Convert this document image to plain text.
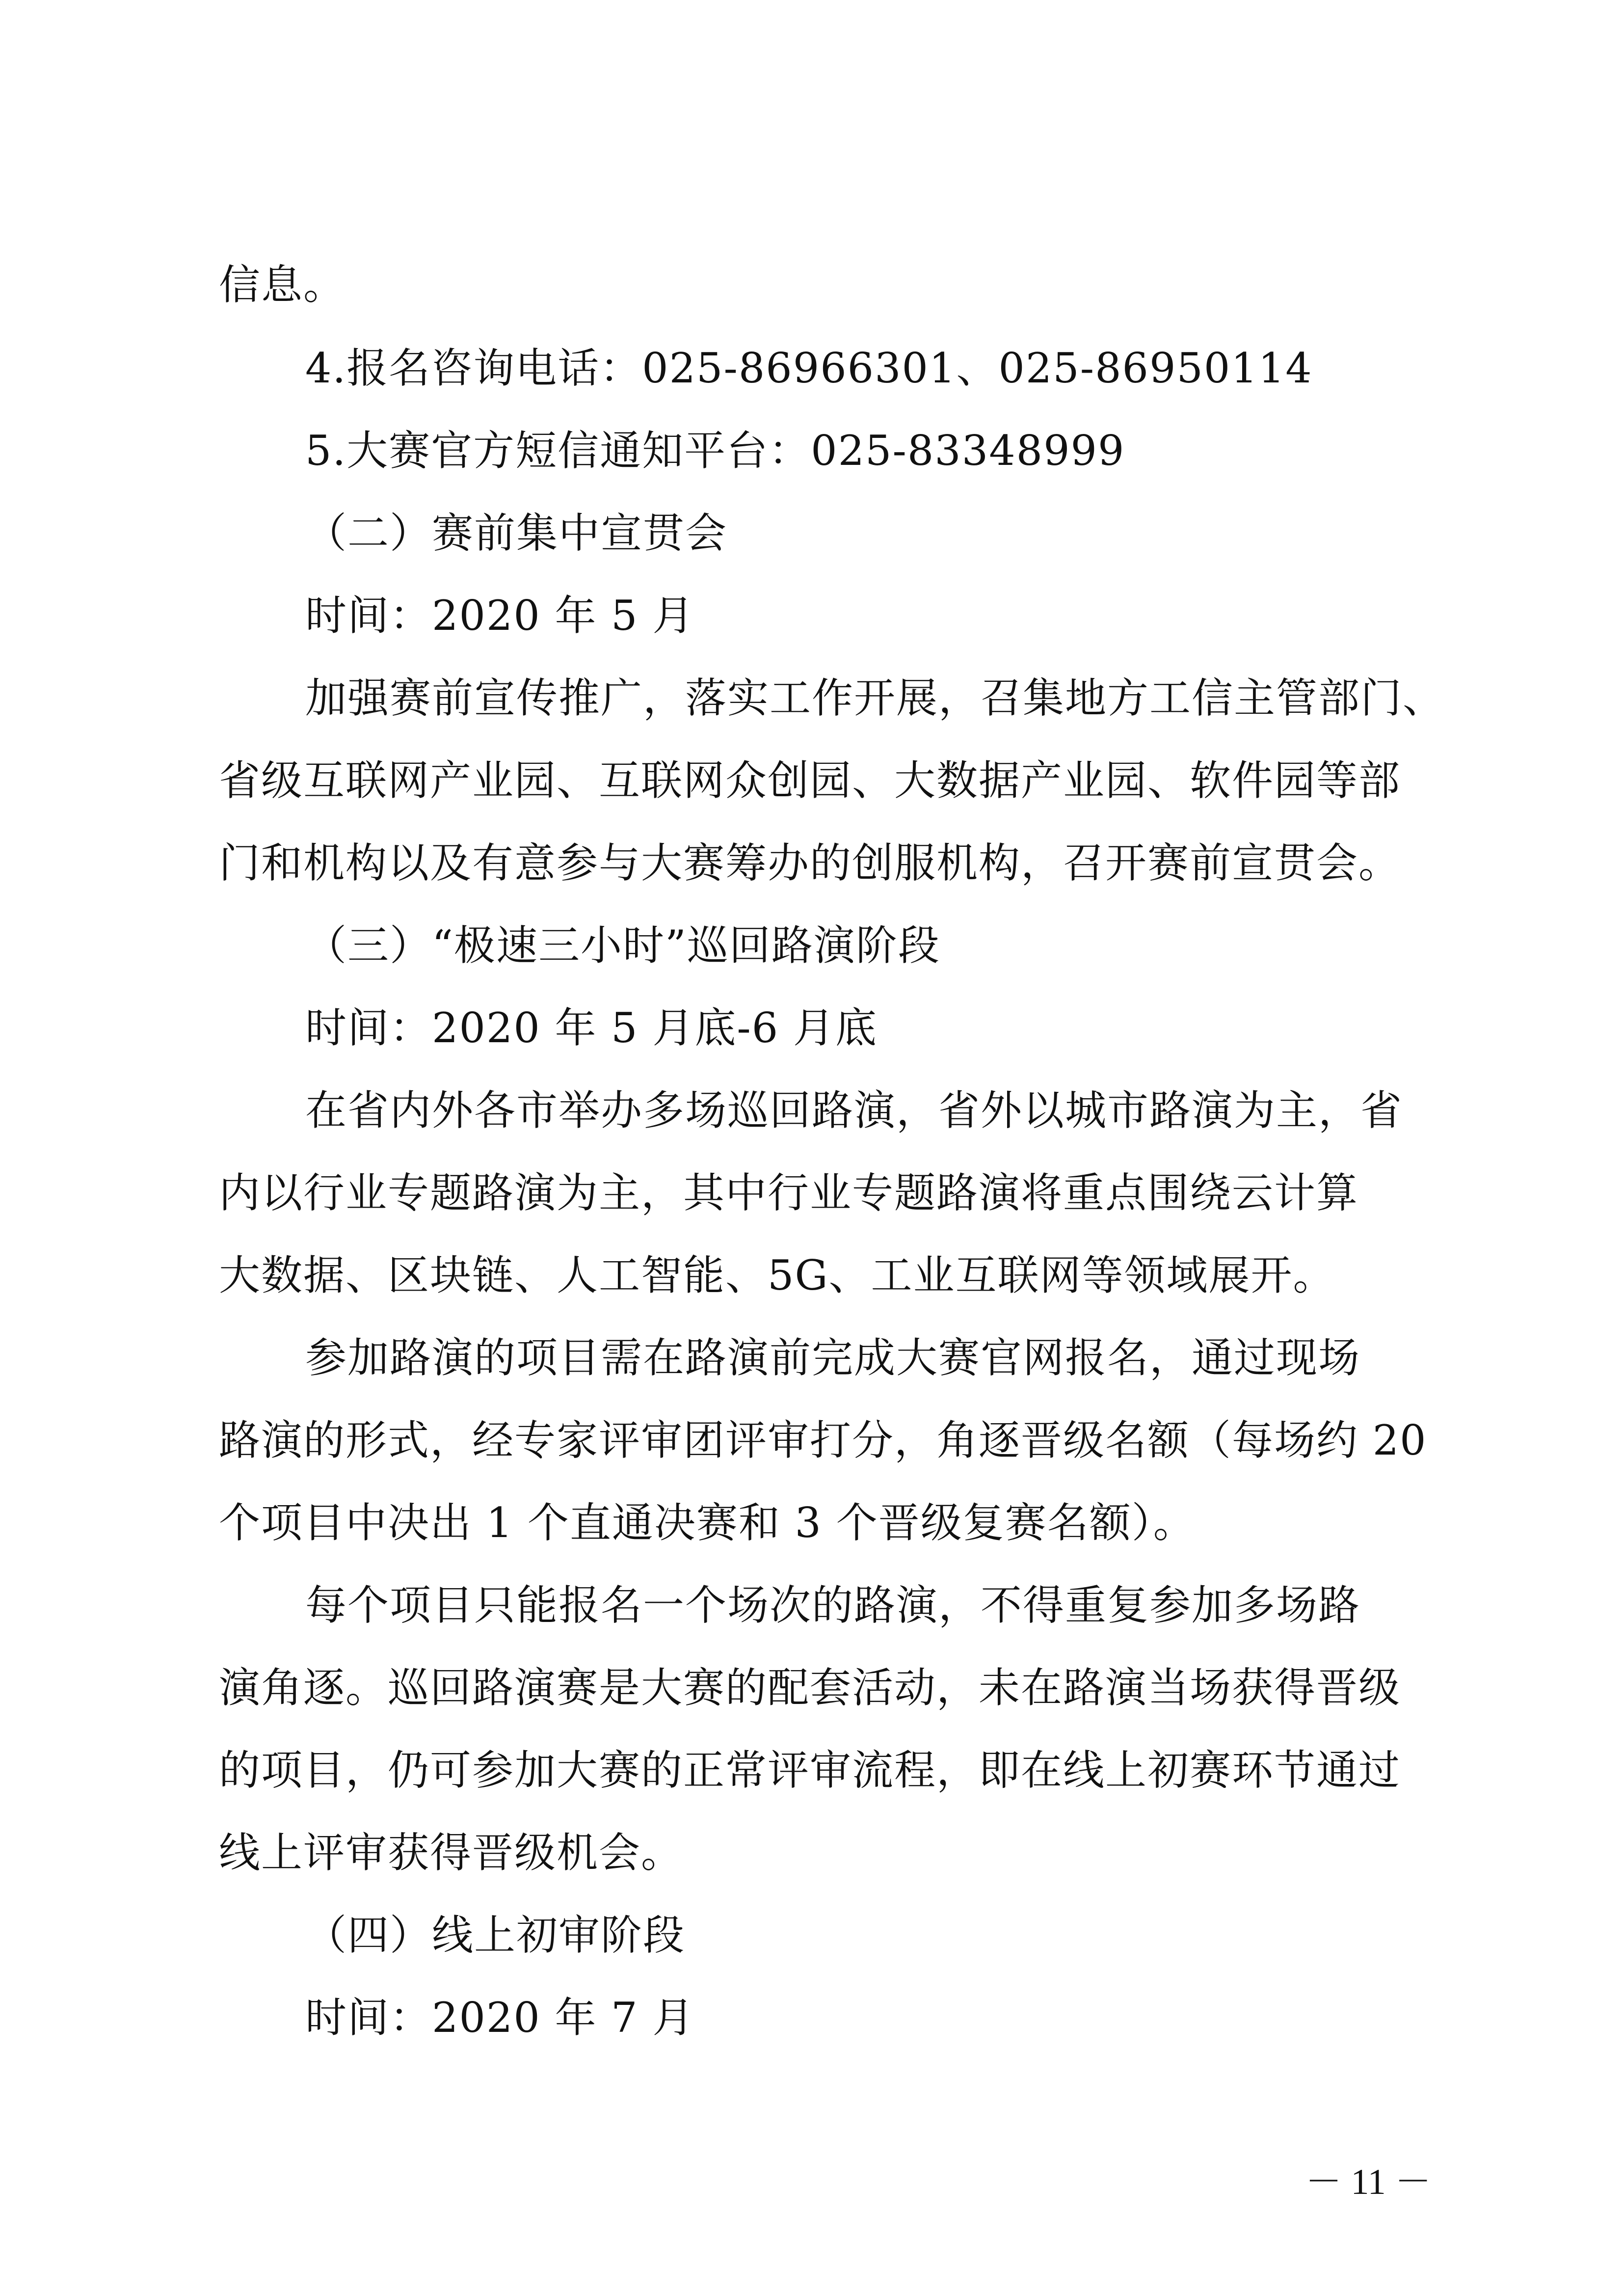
信息。
4.报名咨询电话：025-86966301、025-86950114
5.大赛官方短信通知平台：025-83348999
（二）赛前集中宣贯会
时间：2020 年 5 月
加强赛前宣传推广，落实工作开展，召集地方工信主管部门、
省级互联网产业园、互联网众创园、大数据产业园、软件园等部
门和机构以及有意参与大赛筹办的创服机构，召开赛前宣贯会。
（三）“极速三小时”巡回路演阶段
时间：2020 年 5 月底-6 月底
在省内外各市举办多场巡回路演，省外以城市路演为主，省
内以行业专题路演为主，其中行业专题路演将重点围绕云计算
大数据、区块链、人工智能、5G、工业互联网等领域展开。
参加路演的项目需在路演前完成大赛官网报名，通过现场
路演的形式，经专家评审团评审打分，角逐晋级名额（每场约 20
个项目中决出 1 个直通决赛和 3 个晋级复赛名额）。
每个项目只能报名一个场次的路演，不得重复参加多场路
演角逐。巡回路演赛是大赛的配套活动，未在路演当场获得晋级
的项目，仍可参加大赛的正常评审流程，即在线上初赛环节通过
线上评审获得晋级机会。
（四）线上初审阶段
时间：2020 年 7 月
－ 11 －
